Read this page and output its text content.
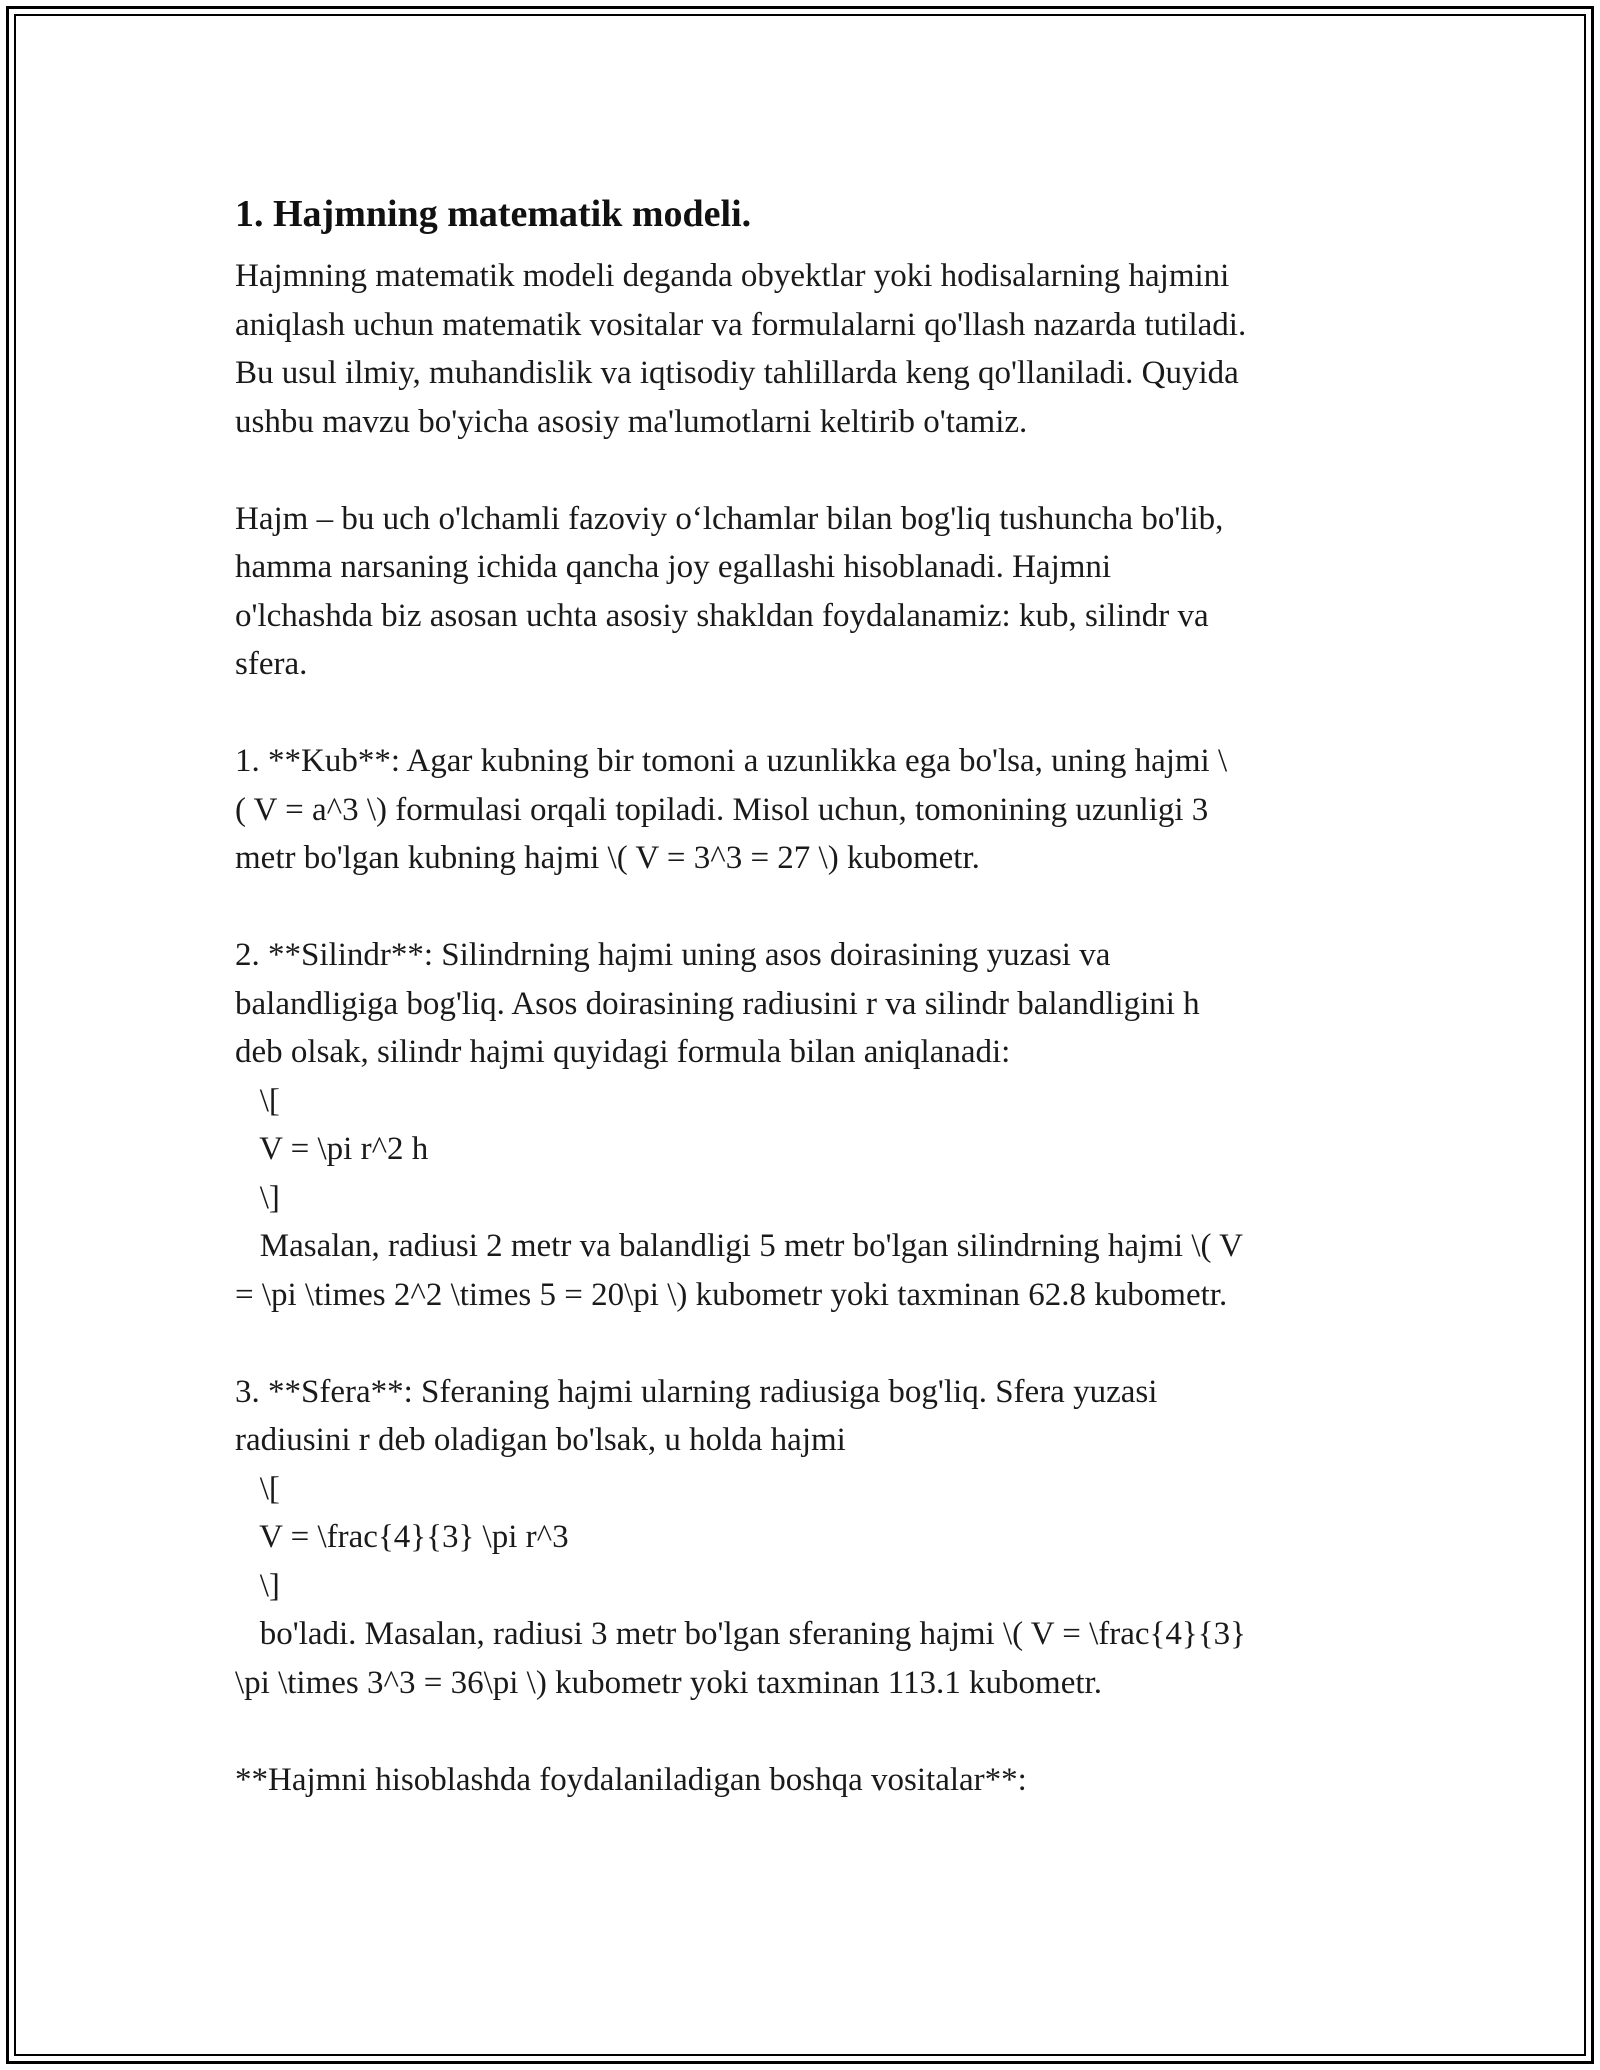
1. Hajmning matematik modeli.

Hajmning matematik modeli deganda obyektlar yoki hodisalarning hajmini
aniqlash uchun matematik vositalar va formulalarni qo'llash nazarda tutiladi.
Bu usul ilmiy, muhandislik va iqtisodiy tahlillarda keng qo'llaniladi. Quyida
ushbu mavzu bo'yicha asosiy ma'lumotlarni keltirib o'tamiz.

Hajm – bu uch o'lchamli fazoviy oʻlchamlar bilan bog'liq tushuncha bo'lib,
hamma narsaning ichida qancha joy egallashi hisoblanadi. Hajmni
o'lchashda biz asosan uchta asosiy shakldan foydalanamiz: kub, silindr va
sfera.

1. **Kub**: Agar kubning bir tomoni a uzunlikka ega bo'lsa, uning hajmi \
( V = a^3 \) formulasi orqali topiladi. Misol uchun, tomonining uzunligi 3
metr bo'lgan kubning hajmi \( V = 3^3 = 27 \) kubometr.

2. **Silindr**: Silindrning hajmi uning asos doirasining yuzasi va
balandligiga bog'liq. Asos doirasining radiusini r va silindr balandligini h
deb olsak, silindr hajmi quyidagi formula bilan aniqlanadi:
\[
V = \pi r^2 h
\]
Masalan, radiusi 2 metr va balandligi 5 metr bo'lgan silindrning hajmi \( V
= \pi \times 2^2 \times 5 = 20\pi \) kubometr yoki taxminan 62.8 kubometr.

3. **Sfera**: Sferaning hajmi ularning radiusiga bog'liq. Sfera yuzasi
radiusini r deb oladigan bo'lsak, u holda hajmi
\[
V = \frac{4}{3} \pi r^3
\]
bo'ladi. Masalan, radiusi 3 metr bo'lgan sferaning hajmi \( V = \frac{4}{3}
\pi \times 3^3 = 36\pi \) kubometr yoki taxminan 113.1 kubometr.

**Hajmni hisoblashda foydalaniladigan boshqa vositalar**:
